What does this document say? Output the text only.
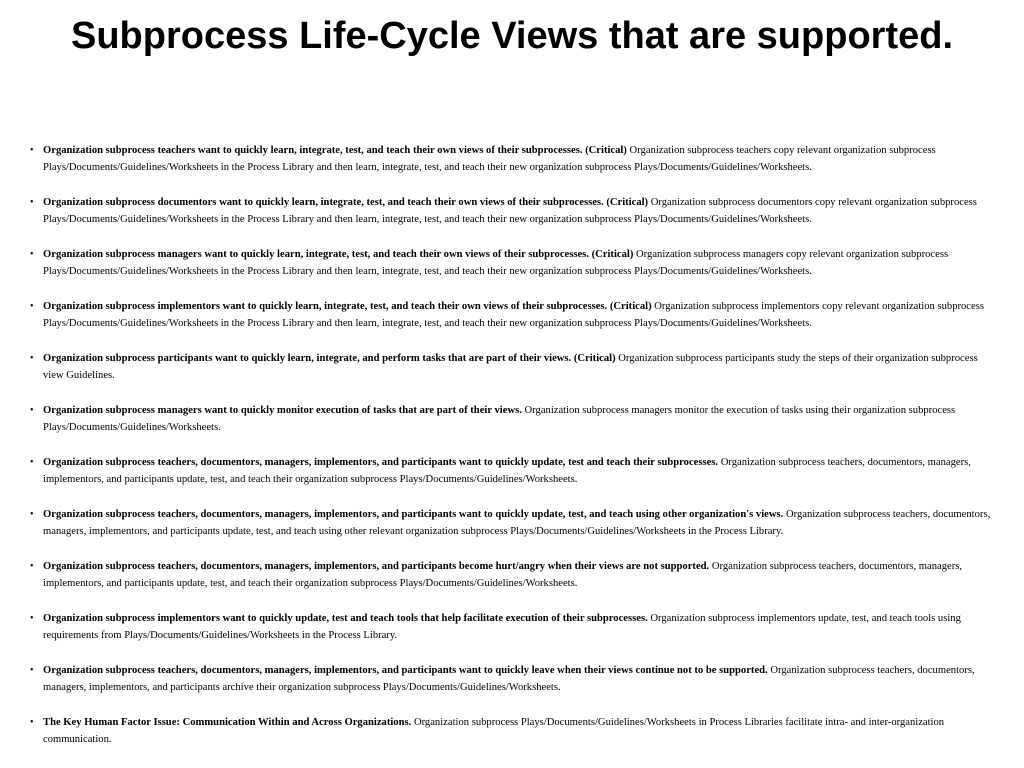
Subprocess Life-Cycle Views that are supported.
• Organization subprocess teachers want to quickly learn, integrate, test, and teach their own views of their subprocesses. (Critical) Organization subprocess teachers copy relevant organization subprocess Plays/Documents/Guidelines/Worksheets in the Process Library and then learn, integrate, test, and teach their new organization subprocess Plays/Documents/Guidelines/Worksheets.
• Organization subprocess documentors want to quickly learn, integrate, test, and teach their own views of their subprocesses. (Critical) Organization subprocess documentors copy relevant organization subprocess Plays/Documents/Guidelines/Worksheets in the Process Library and then learn, integrate, test, and teach their new organization subprocess Plays/Documents/Guidelines/Worksheets.
• Organization subprocess managers want to quickly learn, integrate, test, and teach their own views of their subprocesses. (Critical) Organization subprocess managers copy relevant organization subprocess Plays/Documents/Guidelines/Worksheets in the Process Library and then learn, integrate, test, and teach their new organization subprocess Plays/Documents/Guidelines/Worksheets.
• Organization subprocess implementors want to quickly learn, integrate, test, and teach their own views of their subprocesses. (Critical) Organization subprocess implementors copy relevant organization subprocess Plays/Documents/Guidelines/Worksheets in the Process Library and then learn, integrate, test, and teach their new organization subprocess Plays/Documents/Guidelines/Worksheets.
• Organization subprocess participants want to quickly learn, integrate, and perform tasks that are part of their views. (Critical) Organization subprocess participants study the steps of their organization subprocess view Guidelines.
• Organization subprocess managers want to quickly monitor execution of tasks that are part of their views. Organization subprocess managers monitor the execution of tasks using their organization subprocess Plays/Documents/Guidelines/Worksheets.
• Organization subprocess teachers, documentors, managers, implementors, and participants want to quickly update, test and teach their subprocesses. Organization subprocess teachers, documentors, managers, implementors, and participants update, test, and teach their organization subprocess Plays/Documents/Guidelines/Worksheets.
• Organization subprocess teachers, documentors, managers, implementors, and participants want to quickly update, test, and teach using other organization's views. Organization subprocess teachers, documentors, managers, implementors, and participants update, test, and teach using other relevant organization subprocess Plays/Documents/Guidelines/Worksheets in the Process Library.
• Organization subprocess teachers, documentors, managers, implementors, and participants become hurt/angry when their views are not supported. Organization subprocess teachers, documentors, managers, implementors, and participants update, test, and teach their organization subprocess Plays/Documents/Guidelines/Worksheets.
• Organization subprocess implementors want to quickly update, test and teach tools that help facilitate execution of their subprocesses. Organization subprocess implementors update, test, and teach tools using requirements from Plays/Documents/Guidelines/Worksheets in the Process Library.
• Organization subprocess teachers, documentors, managers, implementors, and participants want to quickly leave when their views continue not to be supported. Organization subprocess teachers, documentors, managers, implementors, and participants archive their organization subprocess Plays/Documents/Guidelines/Worksheets.
• The Key Human Factor Issue: Communication Within and Across Organizations. Organization subprocess Plays/Documents/Guidelines/Worksheets in Process Libraries facilitate intra- and inter-organization communication.
